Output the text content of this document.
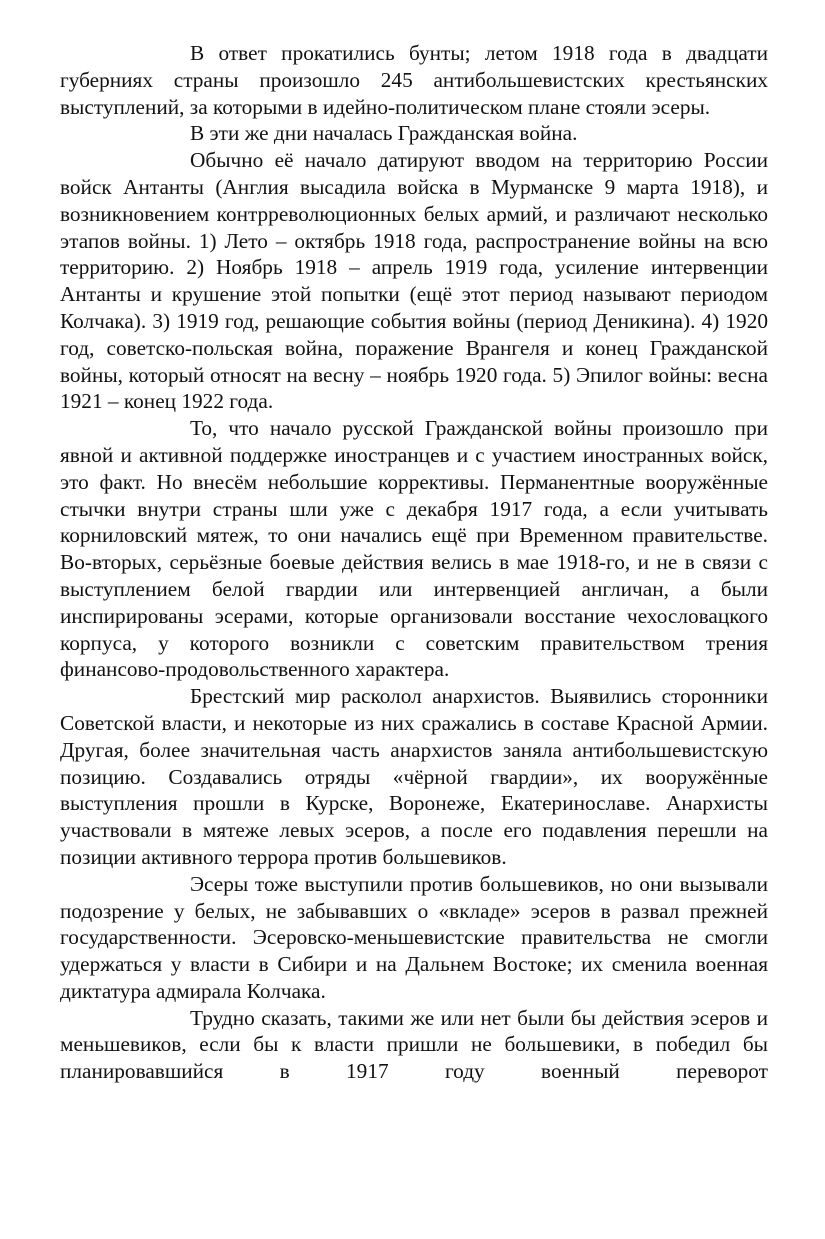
В ответ прокатились бунты; летом 1918 года в двадцати губерниях страны произошло 245 антибольшевистских крестьянских выступлений, за которыми в идейно-политическом плане стояли эсеры.

В эти же дни началась Гражданская война.

Обычно её начало датируют вводом на территорию России войск Антанты (Англия высадила войска в Мурманске 9 марта 1918), и возникновением контрреволюционных белых армий, и различают несколько этапов войны. 1) Лето – октябрь 1918 года, распространение войны на всю территорию. 2) Ноябрь 1918 – апрель 1919 года, усиление интервенции Антанты и крушение этой попытки (ещё этот период называют периодом Колчака). 3) 1919 год, решающие события войны (период Деникина). 4) 1920 год, советско-польская война, поражение Врангеля и конец Гражданской войны, который относят на весну – ноябрь 1920 года. 5) Эпилог войны: весна 1921 – конец 1922 года.

То, что начало русской Гражданской войны произошло при явной и активной поддержке иностранцев и с участием иностранных войск, это факт. Но внесём небольшие коррективы. Перманентные вооружённые стычки внутри страны шли уже с декабря 1917 года, а если учитывать корниловский мятеж, то они начались ещё при Временном правительстве. Во-вторых, серьёзные боевые действия велись в мае 1918-го, и не в связи с выступлением белой гвардии или интервенцией англичан, а были инспирированы эсерами, которые организовали восстание чехословацкого корпуса, у которого возникли с советским правительством трения финансово-продовольственного характера.

Брестский мир расколол анархистов. Выявились сторонники Советской власти, и некоторые из них сражались в составе Красной Армии. Другая, более значительная часть анархистов заняла антибольшевистскую позицию. Создавались отряды «чёрной гвардии», их вооружённые выступления прошли в Курске, Воронеже, Екатеринославе. Анархисты участвовали в мятеже левых эсеров, а после его подавления перешли на позиции активного террора против большевиков.

Эсеры тоже выступили против большевиков, но они вызывали подозрение у белых, не забывавших о «вкладе» эсеров в развал прежней государственности. Эсеровско-меньшевистские правительства не смогли удержаться у власти в Сибири и на Дальнем Востоке; их сменила военная диктатура адмирала Колчака.

Трудно сказать, такими же или нет были бы действия эсеров и меньшевиков, если бы к власти пришли не большевики, в победил бы планировавшийся в 1917 году военный переворот
